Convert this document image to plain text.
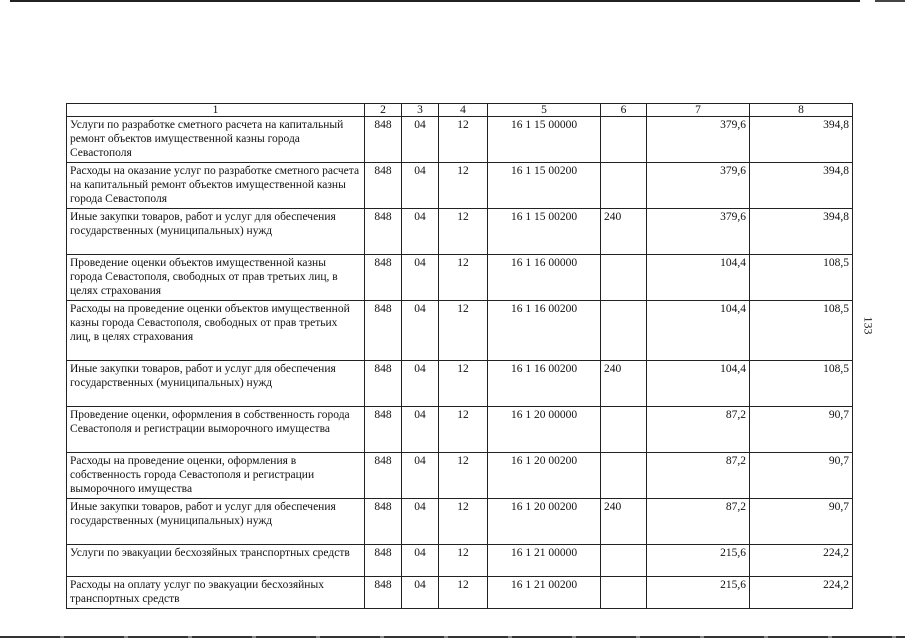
1	2	3	4	5	6	7	8
Услуги по разработке сметного расчета на капитальный ремонт объектов имущественной казны города Севастополя	848	04	12	16 1 15 00000		379,6	394,8
Расходы на оказание услуг по разработке сметного расчета на капитальный ремонт объектов имущественной казны города Севастополя	848	04	12	16 1 15 00200		379,6	394,8
Иные закупки товаров, работ и услуг для обеспечения государственных (муниципальных) нужд	848	04	12	16 1 15 00200	240	379,6	394,8
Проведение оценки объектов имущественной казны города Севастополя, свободных от прав третьих лиц, в целях страхования	848	04	12	16 1 16 00000		104,4	108,5
Расходы на проведение оценки объектов имущественной казны города Севастополя, свободных от прав третьих лиц, в целях страхования	848	04	12	16 1 16 00200		104,4	108,5
Иные закупки товаров, работ и услуг для обеспечения государственных (муниципальных) нужд	848	04	12	16 1 16 00200	240	104,4	108,5
Проведение оценки, оформления в собственность города Севастополя и регистрации выморочного имущества	848	04	12	16 1 20 00000		87,2	90,7
Расходы на проведение оценки, оформления в собственность города Севастополя и регистрации выморочного имущества	848	04	12	16 1 20 00200		87,2	90,7
Иные закупки товаров, работ и услуг для обеспечения государственных (муниципальных) нужд	848	04	12	16 1 20 00200	240	87,2	90,7
Услуги по эвакуации бесхозяйных транспортных средств	848	04	12	16 1 21 00000		215,6	224,2
Расходы на оплату услуг по эвакуации бесхозяйных транспортных средств	848	04	12	16 1 21 00200		215,6	224,2
133
